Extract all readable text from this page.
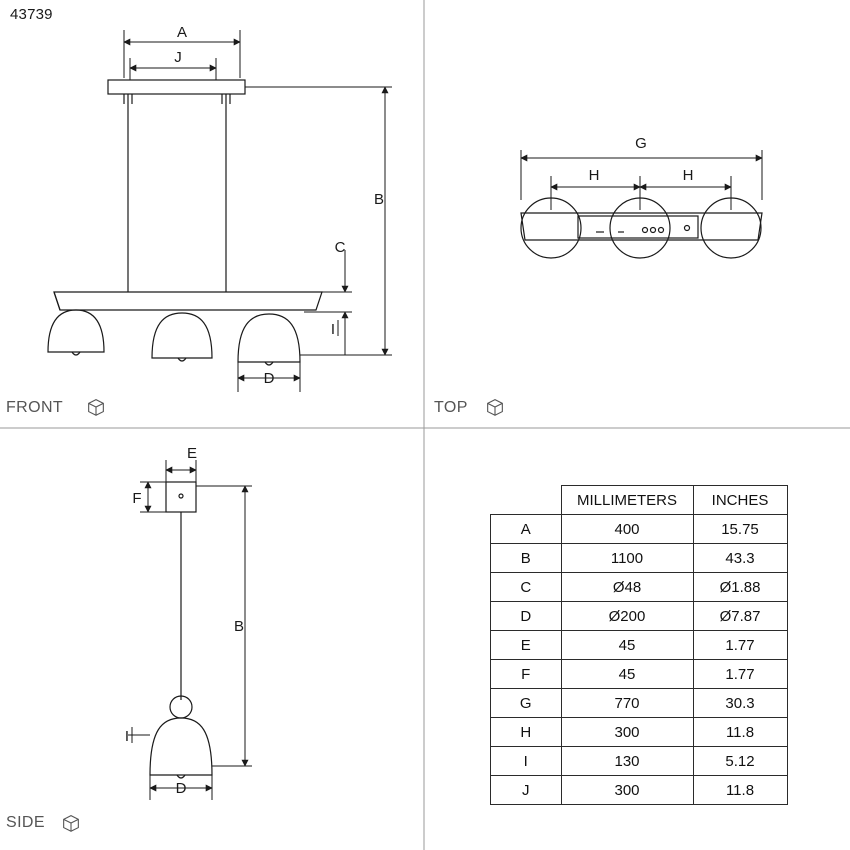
43739
A
J
B
C
I
D
G
H	H
E
F
B
I
D
FRONT	TOP
SIDE
	MILLIMETERS	INCHES
A	400	15.75
B	1100	43.3
C	Ø48	Ø1.88
D	Ø200	Ø7.87
E	45	1.77
F	45	1.77
G	770	30.3
H	300	11.8
I	130	5.12
J	300	11.8
